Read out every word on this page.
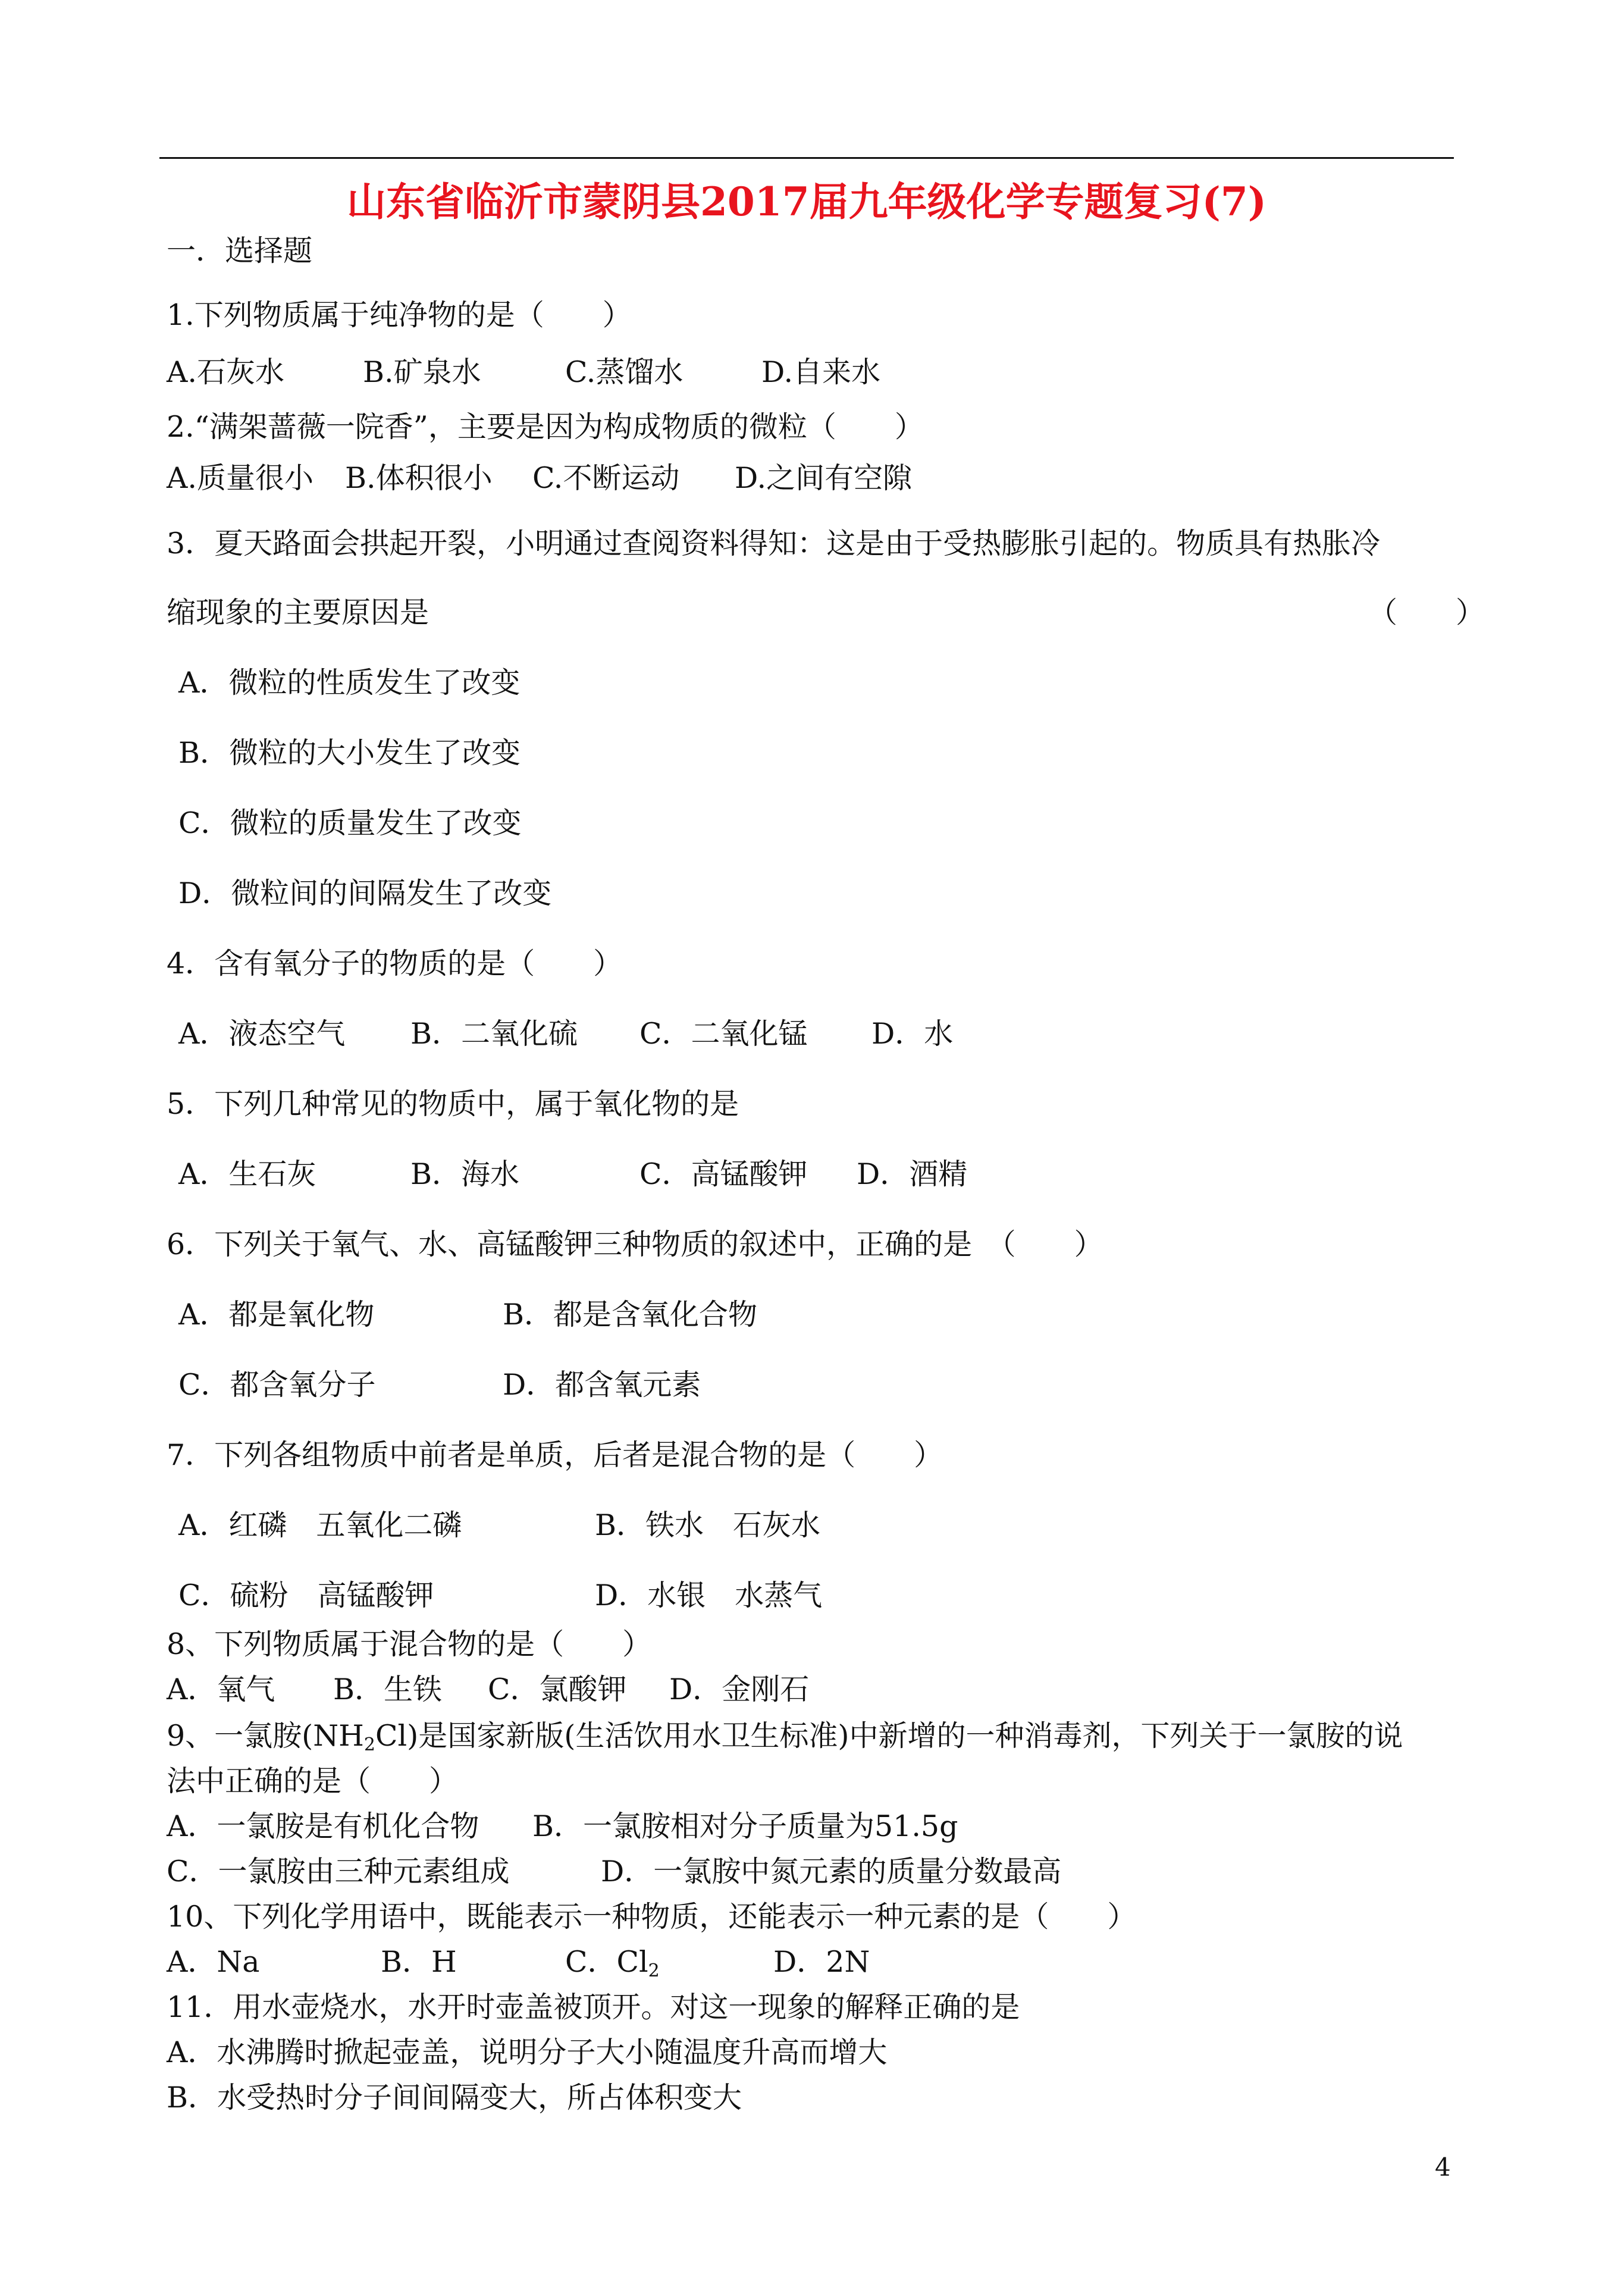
山东省临沂市蒙阴县2017届九年级化学专题复习(7)
一．选择题
1.下列物质属于纯净物的是（　　）
A.石灰水	B.矿泉水	C.蒸馏水	D.自来水
2.“满架蔷薇一院香”，主要是因为构成物质的微粒（　　）
A.质量很小 B.体积很小 C.不断运动 D.之间有空隙
3．夏天路面会拱起开裂，小明通过查阅资料得知：这是由于受热膨胀引起的。物质具有热胀冷
缩现象的主要原因是	（　　）
A．微粒的性质发生了改变
B．微粒的大小发生了改变
C．微粒的质量发生了改变
D．微粒间的间隔发生了改变
4．含有氧分子的物质的是（　　）
A．液态空气 B．二氧化硫 C．二氧化锰 D．水
5．下列几种常见的物质中，属于氧化物的是
A．生石灰	B．海水	C．高锰酸钾 D．酒精
6．下列关于氧气、水、高锰酸钾三种物质的叙述中，正确的是　（　　）
A．都是氧化物	B．都是含氧化合物
C．都含氧分子	D．都含氧元素
7．下列各组物质中前者是单质，后者是混合物的是（　　）
A．红磷　五氧化二磷	B．铁水　石灰水
C．硫粉　高锰酸钾	D．水银　水蒸气
8、下列物质属于混合物的是（　　）
A．氧气 B．生铁 C．氯酸钾 D．金刚石
9、一氯胺$(NH_2Cl)$是国家新版(生活饮用水卫生标准)中新增的一种消毒剂，下列关于一氯胺的说
法中正确的是（　　）
A．一氯胺是有机化合物 B．一氯胺相对分子质量为51.5g
C．一氯胺由三种元素组成	D．一氯胺中氮元素的质量分数最高
10、下列化学用语中，既能表示一种物质，还能表示一种元素的是（　　）
A．Na	B．H	C．$Cl_2$	D．2N
11．用水壶烧水，水开时壶盖被顶开。对这一现象的解释正确的是
A．水沸腾时掀起壶盖，说明分子大小随温度升高而增大
B．水受热时分子间间隔变大，所占体积变大
4
